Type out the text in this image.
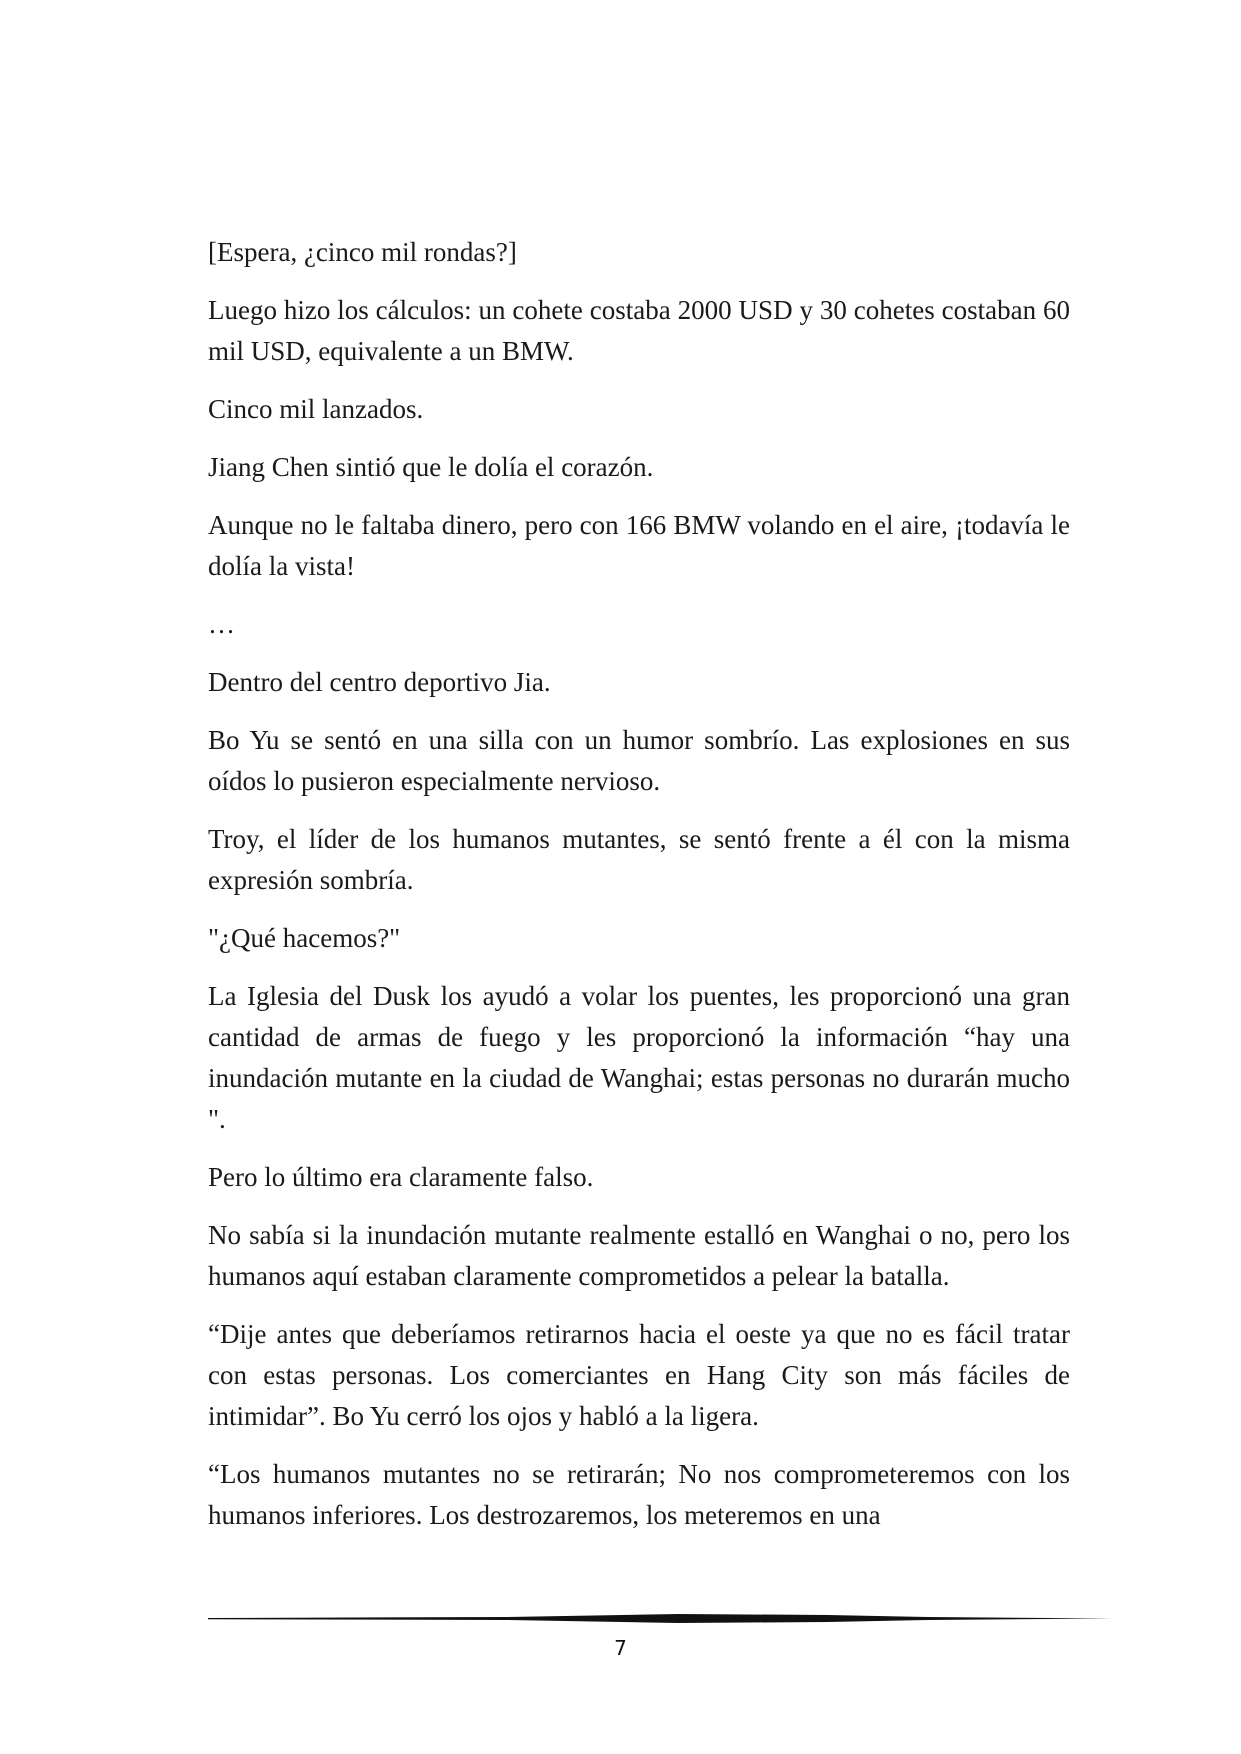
[Espera, ¿cinco mil rondas?]

Luego hizo los cálculos: un cohete costaba 2000 USD y 30 cohetes costaban 60 mil USD, equivalente a un BMW.

Cinco mil lanzados.

Jiang Chen sintió que le dolía el corazón.

Aunque no le faltaba dinero, pero con 166 BMW volando en el aire, ¡todavía le dolía la vista!

…

Dentro del centro deportivo Jia.

Bo Yu se sentó en una silla con un humor sombrío. Las explosiones en sus oídos lo pusieron especialmente nervioso.

Troy, el líder de los humanos mutantes, se sentó frente a él con la misma expresión sombría.

"¿Qué hacemos?"

La Iglesia del Dusk los ayudó a volar los puentes, les proporcionó una gran cantidad de armas de fuego y les proporcionó la información “hay una inundación mutante en la ciudad de Wanghai; estas personas no durarán mucho ".

Pero lo último era claramente falso.

No sabía si la inundación mutante realmente estalló en Wanghai o no, pero los humanos aquí estaban claramente comprometidos a pelear la batalla.

“Dije antes que deberíamos retirarnos hacia el oeste ya que no es fácil tratar con estas personas. Los comerciantes en Hang City son más fáciles de intimidar”. Bo Yu cerró los ojos y habló a la ligera.

“Los humanos mutantes no se retirarán; No nos comprometeremos con los humanos inferiores. Los destrozaremos, los meteremos en una

7
